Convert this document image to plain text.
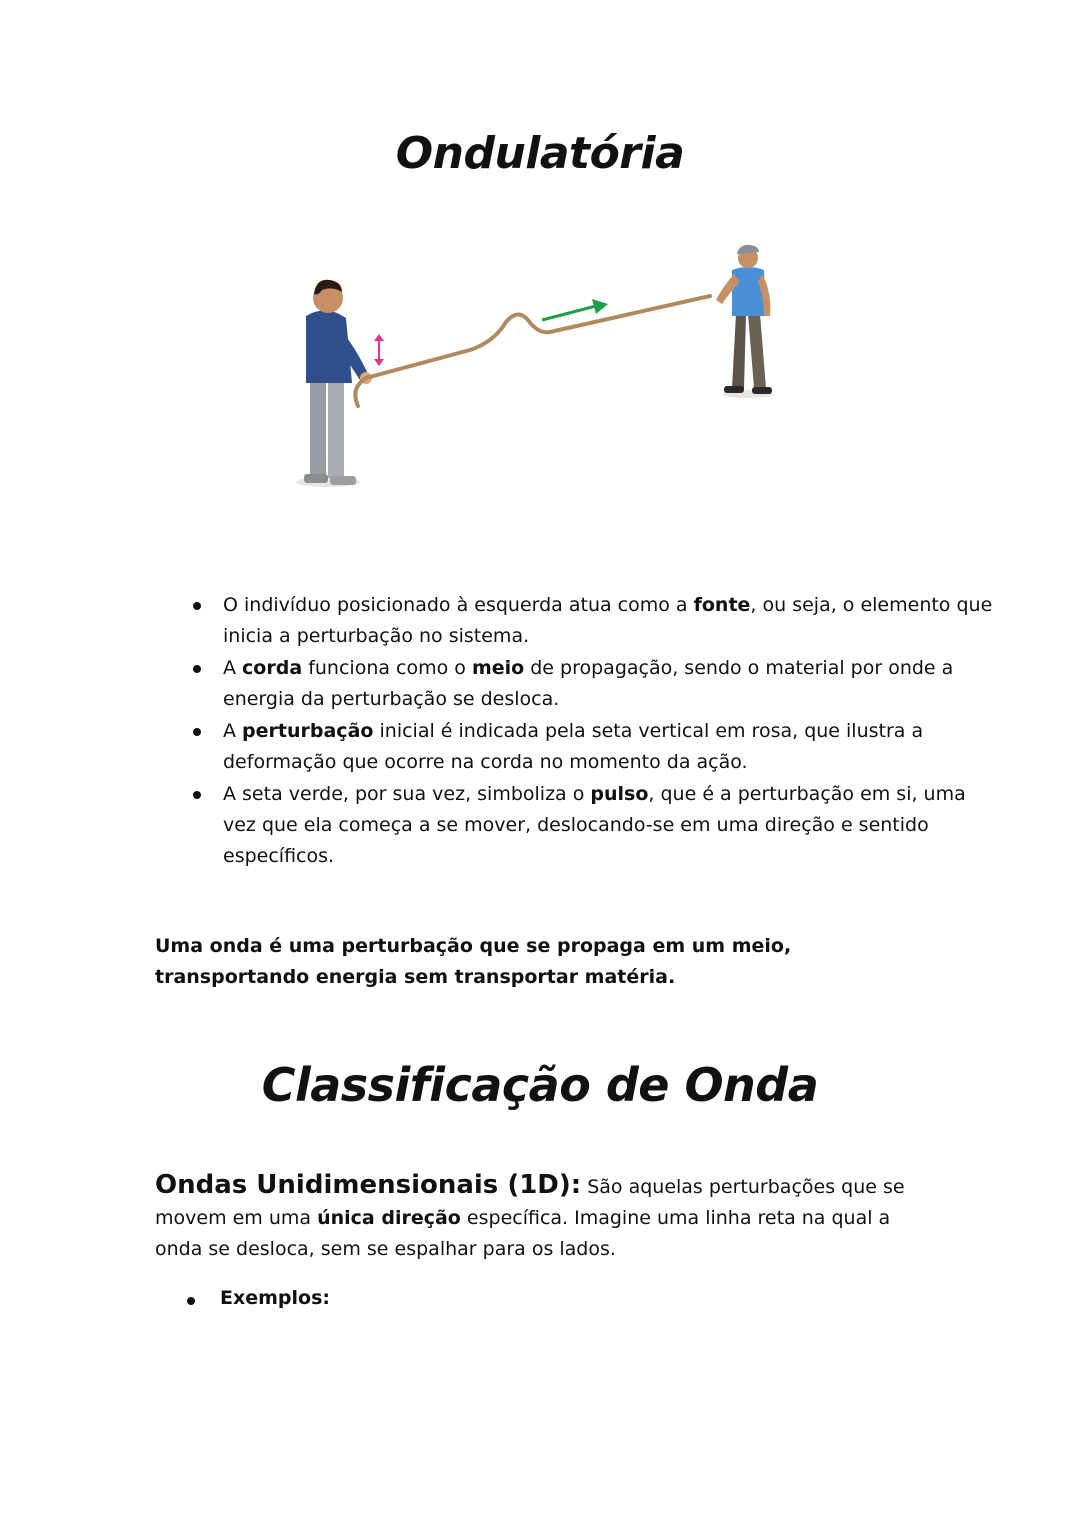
Ondulatória
O indivíduo posicionado à esquerda atua como a fonte, ou seja, o elemento que inicia a perturbação no sistema.
A corda funciona como o meio de propagação, sendo o material por onde a energia da perturbação se desloca.
A perturbação inicial é indicada pela seta vertical em rosa, que ilustra a deformação que ocorre na corda no momento da ação.
A seta verde, por sua vez, simboliza o pulso, que é a perturbação em si, uma vez que ela começa a se mover, deslocando-se em uma direção e sentido específicos.

Uma onda é uma perturbação que se propaga em um meio, transportando energia sem transportar matéria.

Classificação de Onda

Ondas Unidimensionais (1D): São aquelas perturbações que se movem em uma única direção específica. Imagine uma linha reta na qual a onda se desloca, sem se espalhar para os lados.

Exemplos:
